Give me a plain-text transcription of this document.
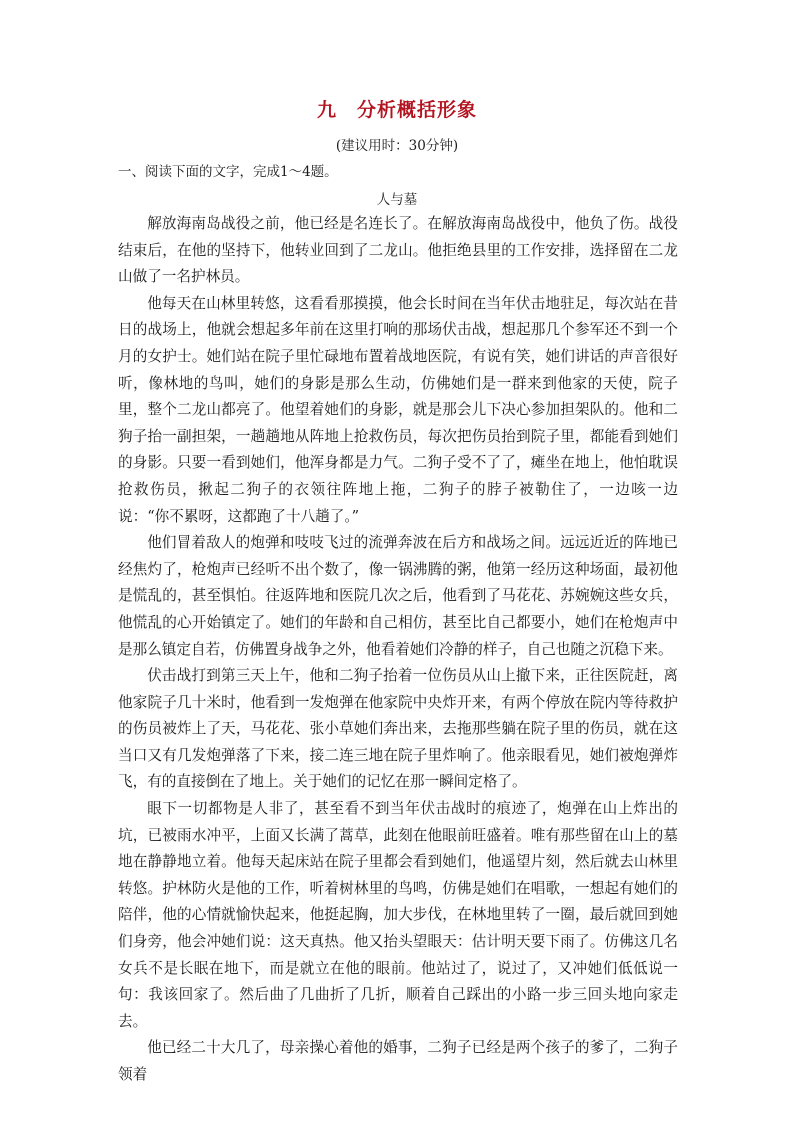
九　分析概括形象
(建议用时：30分钟)
一、阅读下面的文字，完成1～4题。
人与墓

解放海南岛战役之前，他已经是名连长了。在解放海南岛战役中，他负了伤。战役结束后，在他的坚持下，他转业回到了二龙山。他拒绝县里的工作安排，选择留在二龙山做了一名护林员。

他每天在山林里转悠，这看看那摸摸，他会长时间在当年伏击地驻足，每次站在昔日的战场上，他就会想起多年前在这里打响的那场伏击战，想起那几个参军还不到一个月的女护士。她们站在院子里忙碌地布置着战地医院，有说有笑，她们讲话的声音很好听，像林地的鸟叫，她们的身影是那么生动，仿佛她们是一群来到他家的天使，院子里，整个二龙山都亮了。他望着她们的身影，就是那会儿下决心参加担架队的。他和二狗子抬一副担架，一趟趟地从阵地上抢救伤员，每次把伤员抬到院子里，都能看到她们的身影。只要一看到她们，他浑身都是力气。二狗子受不了了，瘫坐在地上，他怕耽误抢救伤员，揪起二狗子的衣领往阵地上拖，二狗子的脖子被勒住了，一边咳一边说：“你不累呀，这都跑了十八趟了。”

他们冒着敌人的炮弹和吱吱飞过的流弹奔波在后方和战场之间。远远近近的阵地已经焦灼了，枪炮声已经听不出个数了，像一锅沸腾的粥，他第一经历这种场面，最初他是慌乱的，甚至惧怕。往返阵地和医院几次之后，他看到了马花花、苏婉婉这些女兵，他慌乱的心开始镇定了。她们的年龄和自己相仿，甚至比自己都要小，她们在枪炮声中是那么镇定自若，仿佛置身战争之外，他看着她们冷静的样子，自己也随之沉稳下来。

伏击战打到第三天上午，他和二狗子抬着一位伤员从山上撤下来，正往医院赶，离他家院子几十米时，他看到一发炮弹在他家院中央炸开来，有两个停放在院内等待救护的伤员被炸上了天，马花花、张小草她们奔出来，去拖那些躺在院子里的伤员，就在这当口又有几发炮弹落了下来，接二连三地在院子里炸响了。他亲眼看见，她们被炮弹炸飞，有的直接倒在了地上。关于她们的记忆在那一瞬间定格了。

眼下一切都物是人非了，甚至看不到当年伏击战时的痕迹了，炮弹在山上炸出的坑，已被雨水冲平，上面又长满了蒿草，此刻在他眼前旺盛着。唯有那些留在山上的墓地在静静地立着。他每天起床站在院子里都会看到她们，他遥望片刻，然后就去山林里转悠。护林防火是他的工作，听着树林里的鸟鸣，仿佛是她们在唱歌，一想起有她们的陪伴，他的心情就愉快起来，他挺起胸，加大步伐，在林地里转了一圈，最后就回到她们身旁，他会冲她们说：这天真热。他又抬头望眼天：估计明天要下雨了。仿佛这几名女兵不是长眠在地下，而是就立在他的眼前。他站过了，说过了，又冲她们低低说一句：我该回家了。然后曲了几曲折了几折，顺着自己踩出的小路一步三回头地向家走去。

他已经二十大几了，母亲操心着他的婚事，二狗子已经是两个孩子的爹了，二狗子领着
